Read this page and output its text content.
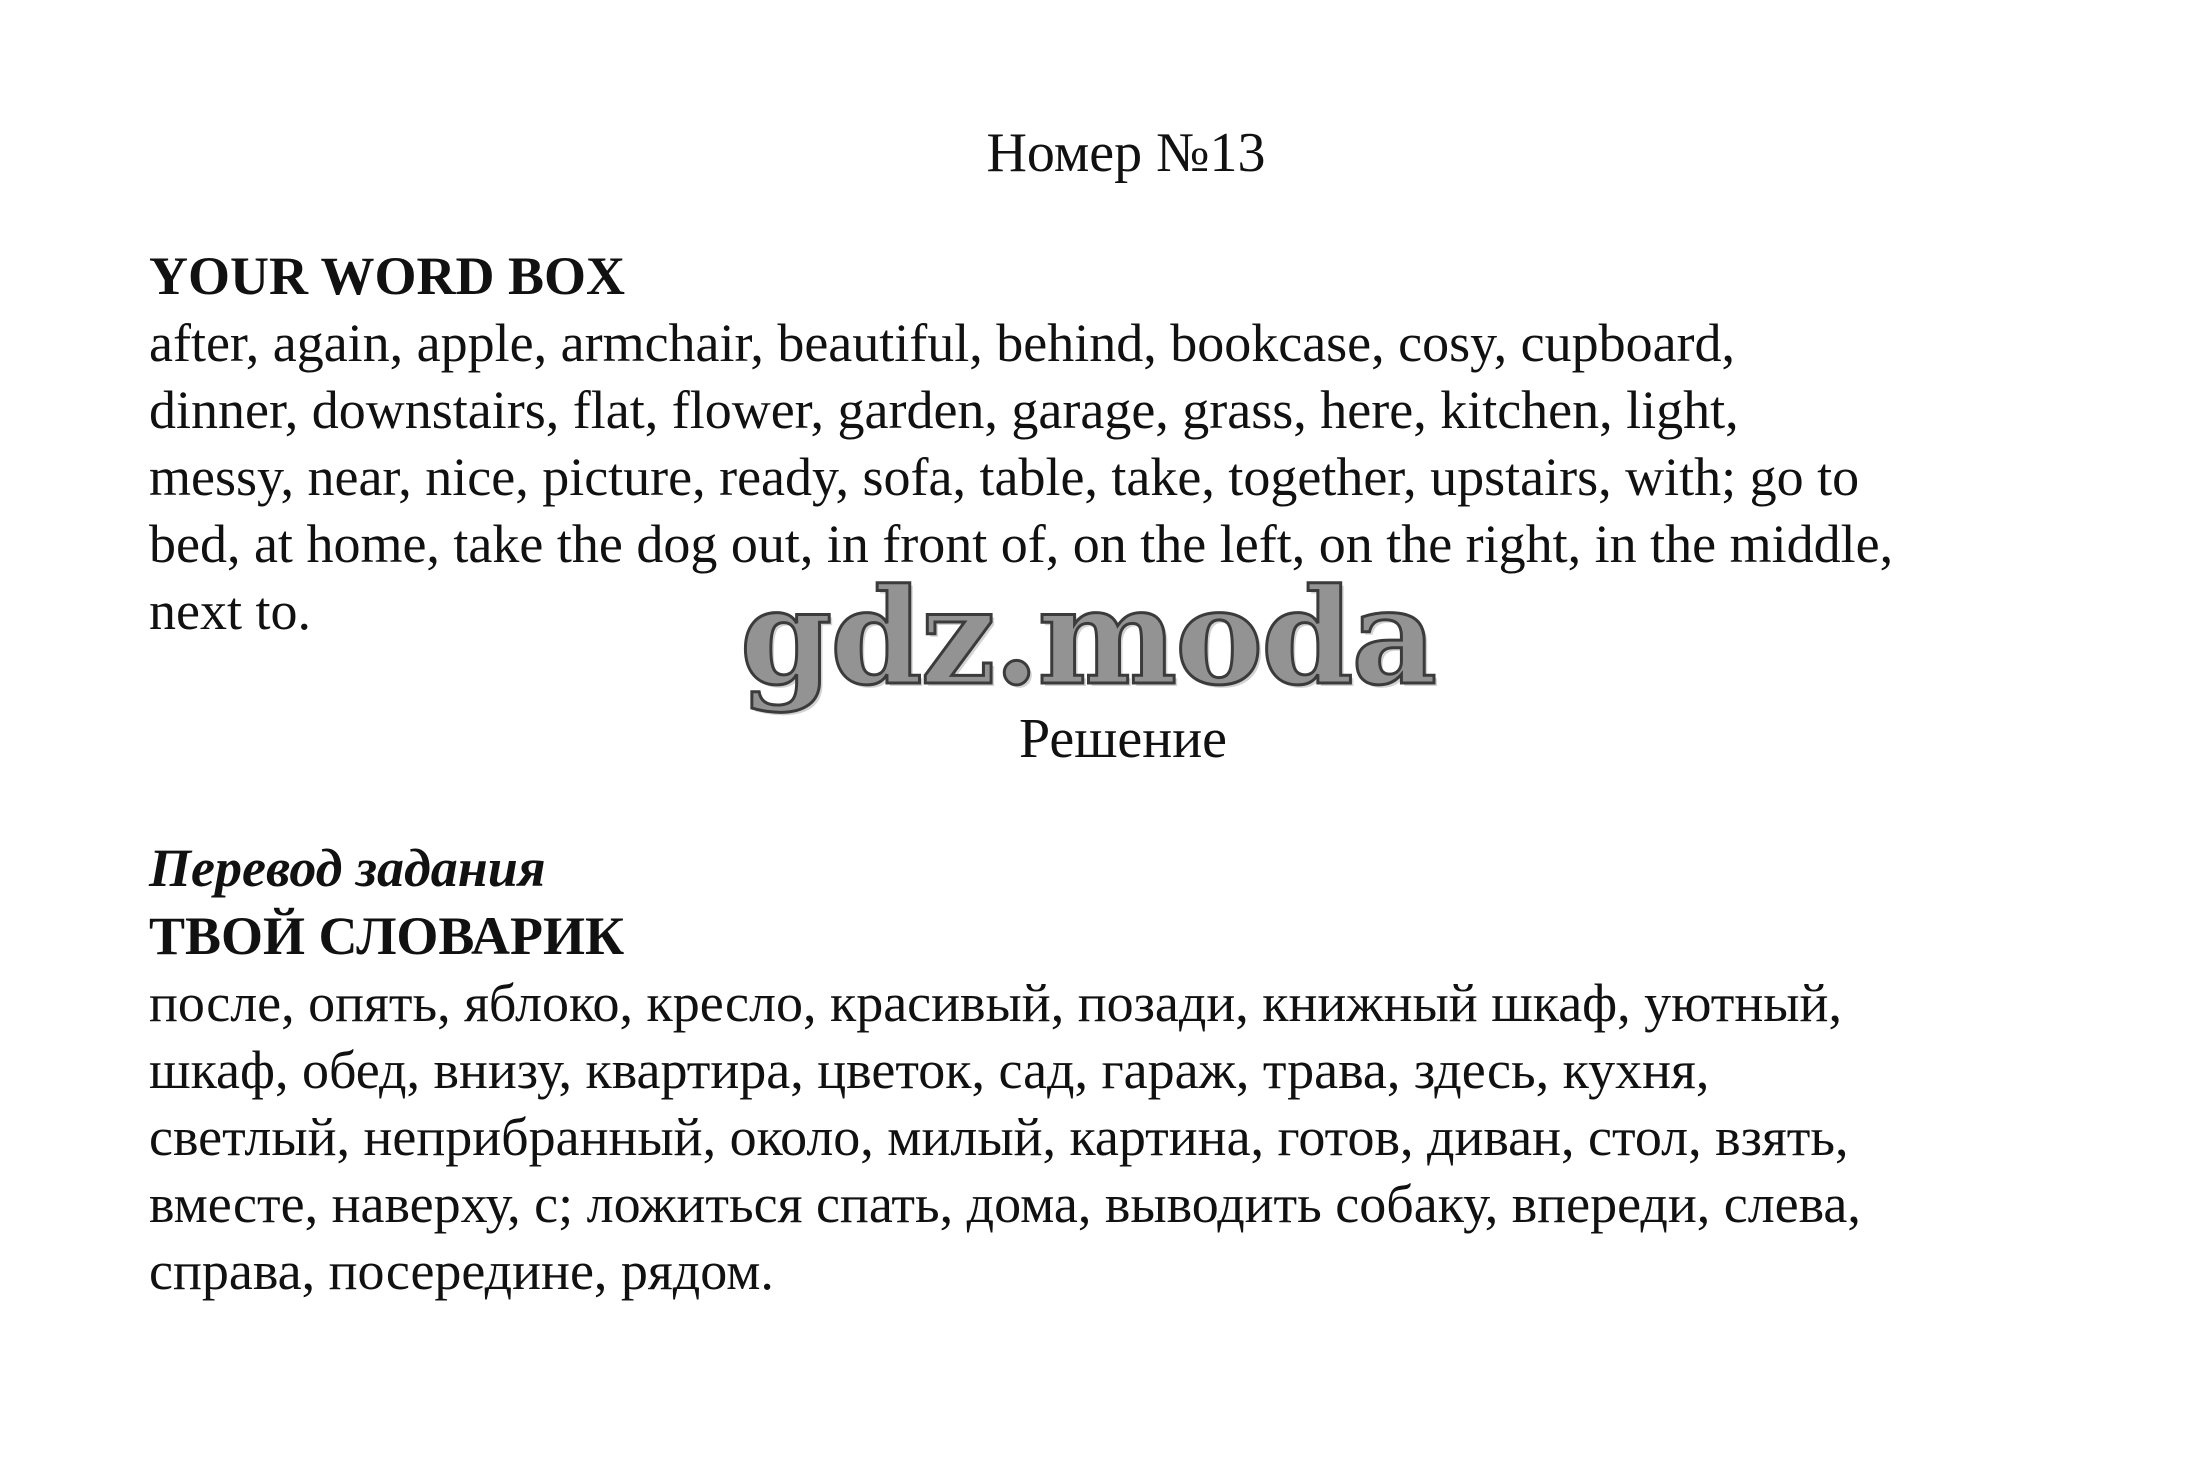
Номер №13
YOUR WORD BOX
after, again, apple, armchair, beautiful, behind, bookcase, cosy, cupboard,
dinner, downstairs, flat, flower, garden, garage, grass, here, kitchen, light,
messy, near, nice, picture, ready, sofa, table, take, together, upstairs, with; go to
bed, at home, take the dog out, in front of, on the left, on the right, in the middle,
next to.	gdz.moda
Решение
Перевод задания
ТВОЙ СЛОВАРИК
после, опять, яблоко, кресло, красивый, позади, книжный шкаф, уютный,
шкаф, обед, внизу, квартира, цветок, сад, гараж, трава, здесь, кухня,
светлый, неприбранный, около, милый, картина, готов, диван, стол, взять,
вместе, наверху, с; ложиться спать, дома, выводить собаку, впереди, слева,
справа, посередине, рядом.
